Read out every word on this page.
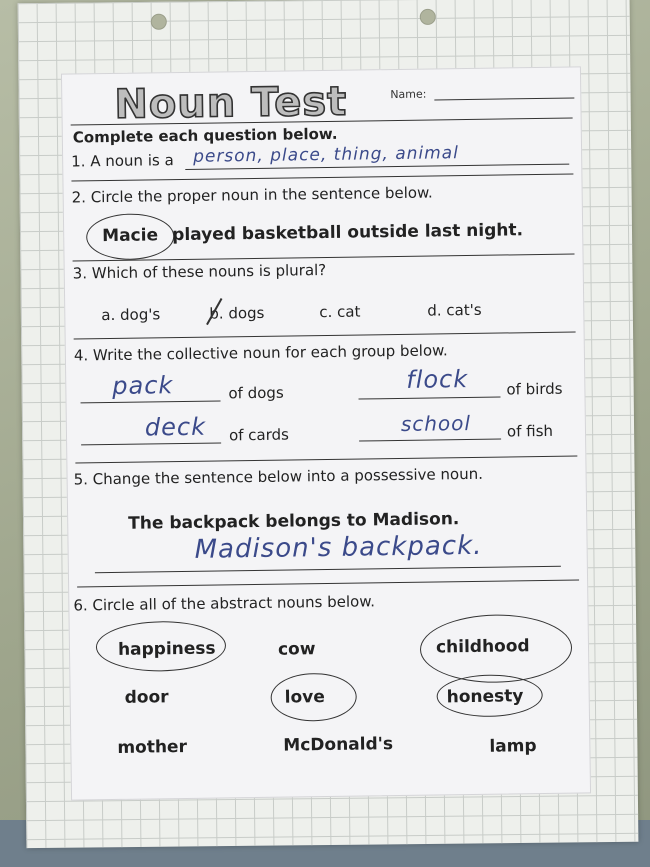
Noun Test	Name:
Complete each question below.
1. A noun is a person, place, thing, animal
2. Circle the proper noun in the sentence below.
Macie played basketball outside last night.
3. Which of these nouns is plural?
a. dog's	b. dogs	c. cat	d. cat's
4. Write the collective noun for each group below.
pack	of dogs	flock	of birds
deck of cards	school of fish
5. Change the sentence below into a possessive noun.
The backpack belongs to Madison.
Madison's backpack.
6. Circle all of the abstract nouns below.
happiness	cow	childhood
door	love	honesty
mother	McDonald's	lamp
